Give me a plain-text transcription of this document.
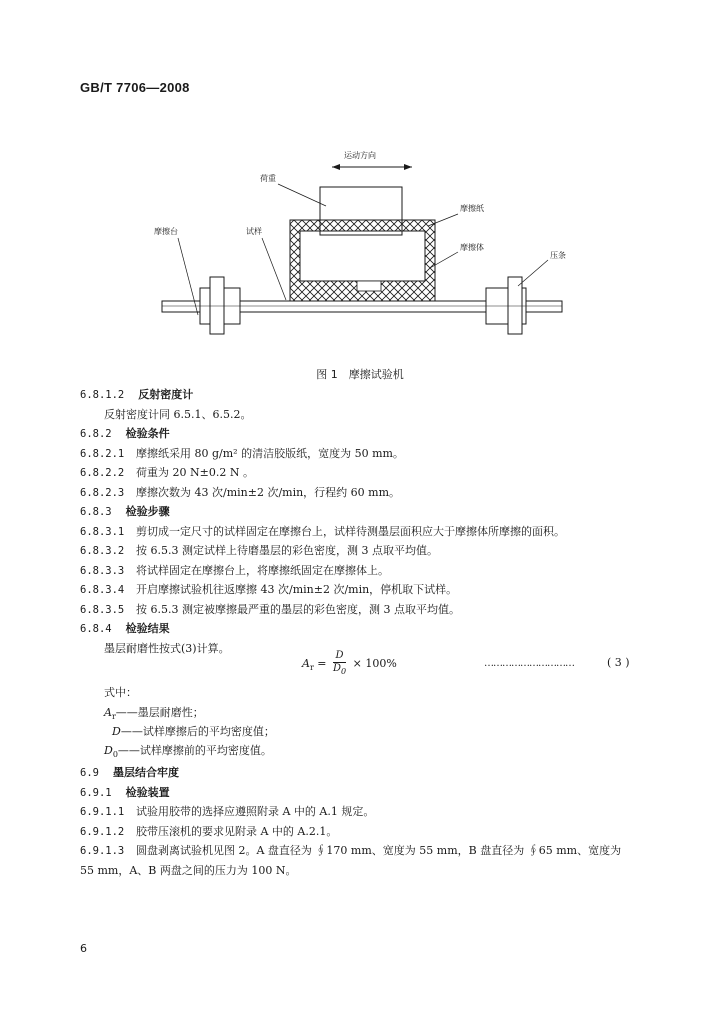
GB/T 7706—2008
运动方向
荷重
摩擦纸
摩擦体
摩擦台	试样
压条
图 1　摩擦试验机
6.8.1.2 反射密度计
反射密度计同 6.5.1、6.5.2。
6.8.2 检验条件
6.8.2.1 摩擦纸采用 80 g/m² 的清洁胶版纸，宽度为 50 mm。
6.8.2.2 荷重为 20 N±0.2 N 。
6.8.2.3 摩擦次数为 43 次/min±2 次/min，行程约 60 mm。
6.8.3 检验步骤
6.8.3.1 剪切成一定尺寸的试样固定在摩擦台上，试样待测墨层面积应大于摩擦体所摩擦的面积。
6.8.3.2 按 6.5.3 测定试样上待磨墨层的彩色密度，测 3 点取平均值。
6.8.3.3 将试样固定在摩擦台上，将摩擦纸固定在摩擦体上。
6.8.3.4 开启摩擦试验机往返摩擦 43 次/min±2 次/min，停机取下试样。
6.8.3.5 按 6.5.3 测定被摩擦最严重的墨层的彩色密度，测 3 点取平均值。
6.8.4 检验结果
墨层耐磨性按式(3)计算。
$A_r = \frac{D}{D_0} \times 100\%$	…………………………	( 3 )
式中：
$A_r——$墨层耐磨性；
D——试样摩擦后的平均密度值；
$D_0——$试样摩擦前的平均密度值。
6.9 墨层结合牢度
6.9.1 检验装置
6.9.1.1 试验用胶带的选择应遵照附录 A 中的 A.1 规定。
6.9.1.2 胶带压滚机的要求见附录 A 中的 A.2.1。
6.9.1.3 圆盘剥离试验机见图 2。A 盘直径为 ∮170 mm、宽度为 55 mm，B 盘直径为 ∮65 mm、宽度为
55 mm，A、B 两盘之间的压力为 100 N。
6
